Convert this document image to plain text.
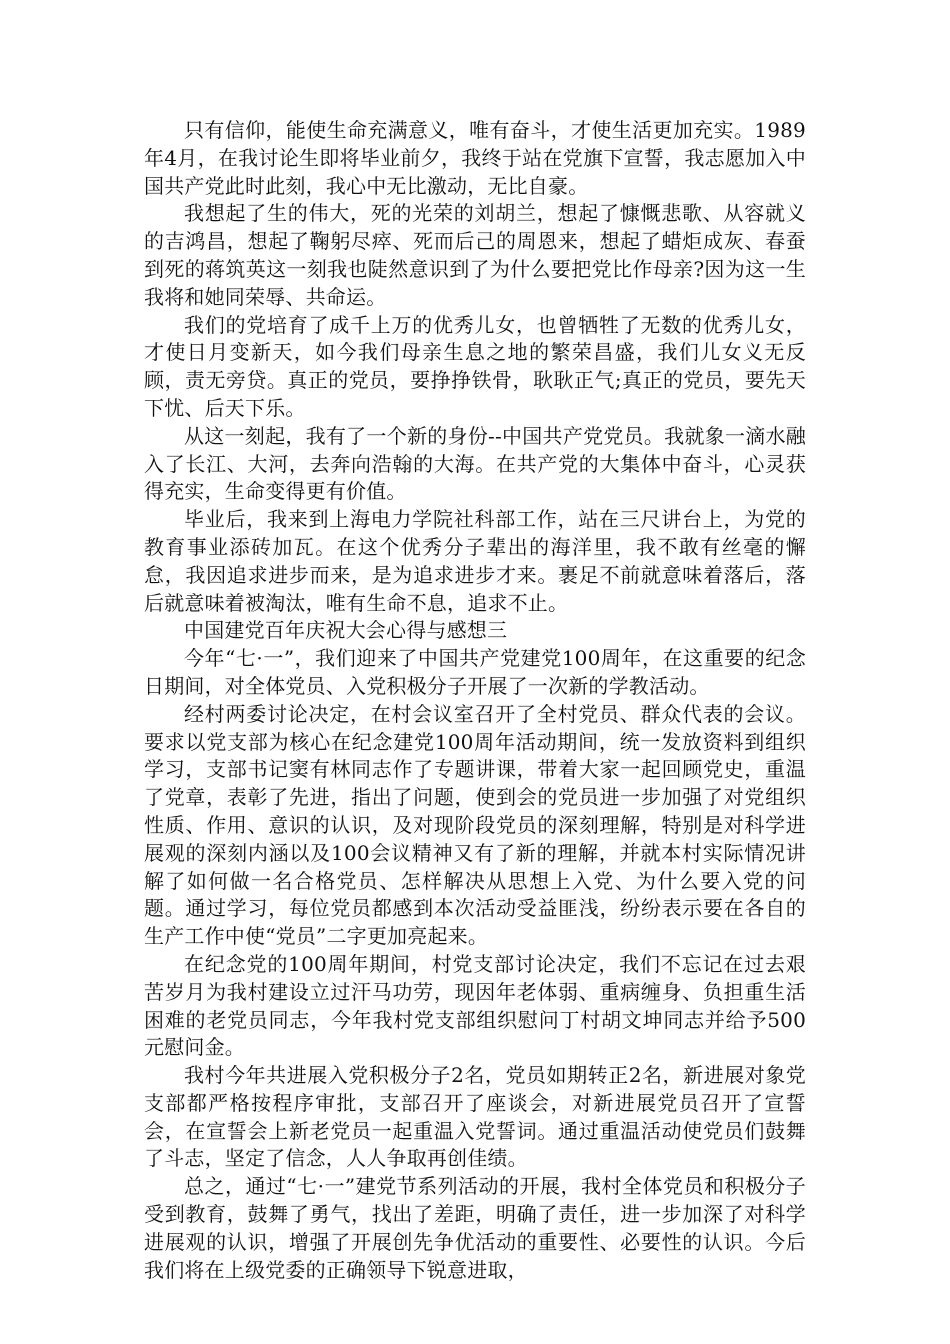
只有信仰，能使生命充满意义，唯有奋斗，才使生活更加充实。1989年4月，在我讨论生即将毕业前夕，我终于站在党旗下宣誓，我志愿加入中国共产党此时此刻，我心中无比激动，无比自豪。

我想起了生的伟大，死的光荣的刘胡兰，想起了慷慨悲歌、从容就义的吉鸿昌，想起了鞠躬尽瘁、死而后己的周恩来，想起了蜡炬成灰、春蚕到死的蒋筑英这一刻我也陡然意识到了为什么要把党比作母亲?因为这一生我将和她同荣辱、共命运。

我们的党培育了成千上万的优秀儿女，也曾牺牲了无数的优秀儿女，才使日月变新天，如今我们母亲生息之地的繁荣昌盛，我们儿女义无反顾，责无旁贷。真正的党员，要挣挣铁骨，耿耿正气;真正的党员，要先天下忧、后天下乐。

从这一刻起，我有了一个新的身份--中国共产党党员。我就象一滴水融入了长江、大河，去奔向浩翰的大海。在共产党的大集体中奋斗，心灵获得充实，生命变得更有价值。

毕业后，我来到上海电力学院社科部工作，站在三尺讲台上，为党的教育事业添砖加瓦。在这个优秀分子辈出的海洋里，我不敢有丝毫的懈怠，我因追求进步而来，是为追求进步才来。裹足不前就意味着落后，落后就意味着被淘汰，唯有生命不息，追求不止。

中国建党百年庆祝大会心得与感想三

今年“七·一”，我们迎来了中国共产党建党100周年，在这重要的纪念日期间，对全体党员、入党积极分子开展了一次新的学教活动。

经村两委讨论决定，在村会议室召开了全村党员、群众代表的会议。要求以党支部为核心在纪念建党100周年活动期间，统一发放资料到组织学习，支部书记窦有林同志作了专题讲课，带着大家一起回顾党史，重温了党章，表彰了先进，指出了问题，使到会的党员进一步加强了对党组织性质、作用、意识的认识，及对现阶段党员的深刻理解，特别是对科学进展观的深刻内涵以及100会议精神又有了新的理解，并就本村实际情况讲解了如何做一名合格党员、怎样解决从思想上入党、为什么要入党的问题。通过学习，每位党员都感到本次活动受益匪浅，纷纷表示要在各自的生产工作中使“党员”二字更加亮起来。

在纪念党的100周年期间，村党支部讨论决定，我们不忘记在过去艰苦岁月为我村建设立过汗马功劳，现因年老体弱、重病缠身、负担重生活困难的老党员同志，今年我村党支部组织慰问丁村胡文坤同志并给予500元慰问金。

我村今年共进展入党积极分子2名，党员如期转正2名，新进展对象党支部都严格按程序审批，支部召开了座谈会，对新进展党员召开了宣誓会，在宣誓会上新老党员一起重温入党誓词。通过重温活动使党员们鼓舞了斗志，坚定了信念，人人争取再创佳绩。

总之，通过“七·一”建党节系列活动的开展，我村全体党员和积极分子受到教育，鼓舞了勇气，找出了差距，明确了责任，进一步加深了对科学进展观的认识，增强了开展创先争优活动的重要性、必要性的认识。今后我们将在上级党委的正确领导下锐意进取，
